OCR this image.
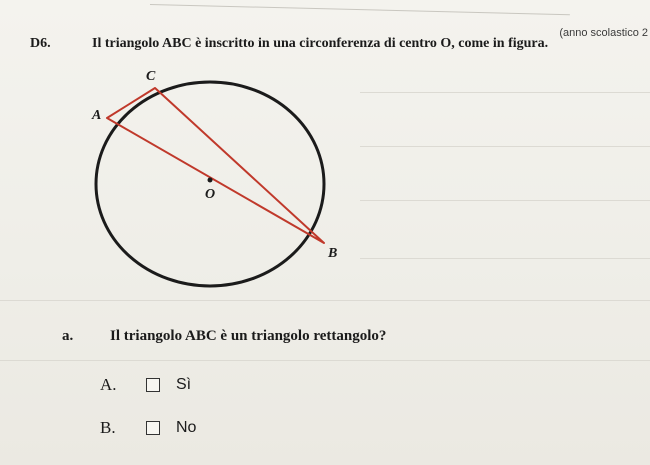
(anno scolastico 2
D6.	Il triangolo ABC è inscritto in una circonferenza di centro O, come in figura.
C
A
O
B
a. Il triangolo ABC è un triangolo rettangolo?
A.	Sì
B.	No
